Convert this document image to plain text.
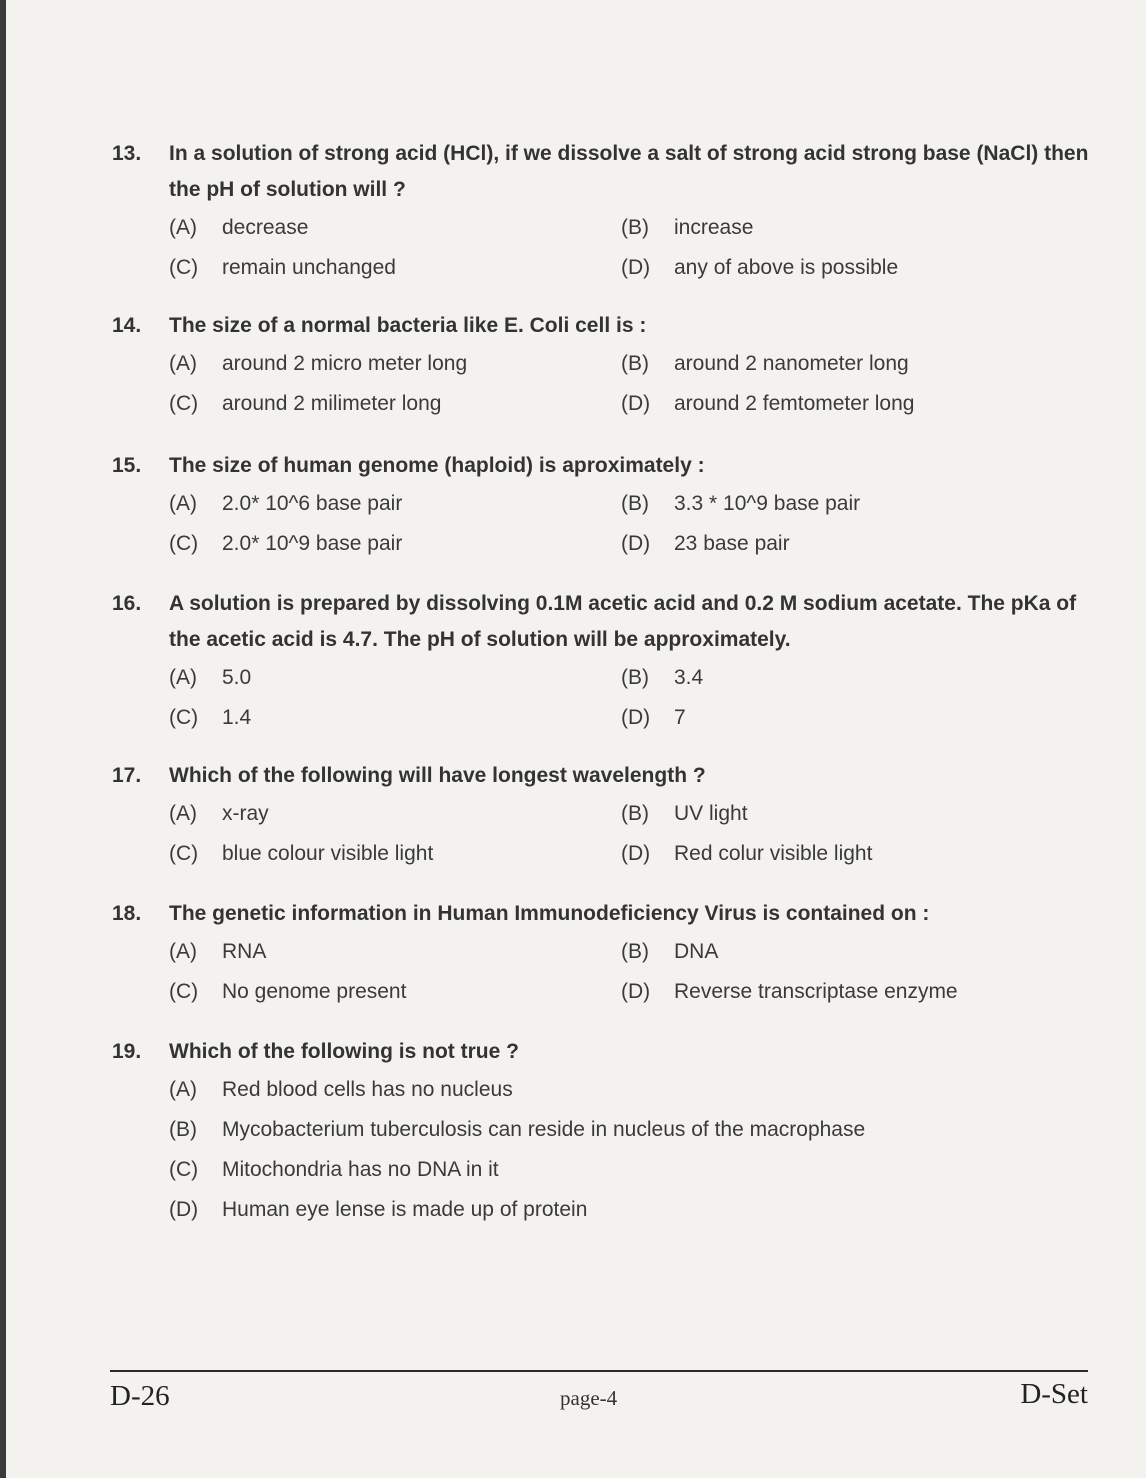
13.	In a solution of strong acid (HCl), if we dissolve a salt of strong acid strong base (NaCl) then the pH of solution will ?
(A)	decrease	(B)	increase
(C)	remain unchanged	(D)	any of above is possible
14.	The size of a normal bacteria like E. Coli cell is :
(A)	around 2 micro meter long	(B)	around 2 nanometer long
(C)	around 2 milimeter long	(D)	around 2 femtometer long
15.	The size of human genome (haploid) is aproximately :
(A)	2.0* 10^6 base pair	(B)	3.3 * 10^9 base pair
(C)	2.0* 10^9 base pair	(D)	23 base pair
16.	A solution is prepared by dissolving 0.1M acetic acid and 0.2 M sodium acetate. The pKa of the acetic acid is 4.7. The pH of solution will be approximately.
(A)	5.0	(B)	3.4
(C)	1.4	(D)	7
17.	Which of the following will have longest wavelength ?
(A)	x-ray	(B)	UV light
(C)	blue colour visible light	(D)	Red colur visible light
18.	The genetic information in Human Immunodeficiency Virus is contained on :
(A)	RNA	(B)	DNA
(C)	No genome present	(D)	Reverse transcriptase enzyme
19.	Which of the following is not true ?
(A)	Red blood cells has no nucleus
(B)	Mycobacterium tuberculosis can reside in nucleus of the macrophase
(C)	Mitochondria has no DNA in it
(D)	Human eye lense is made up of protein
D-26	page-4	D-Set
